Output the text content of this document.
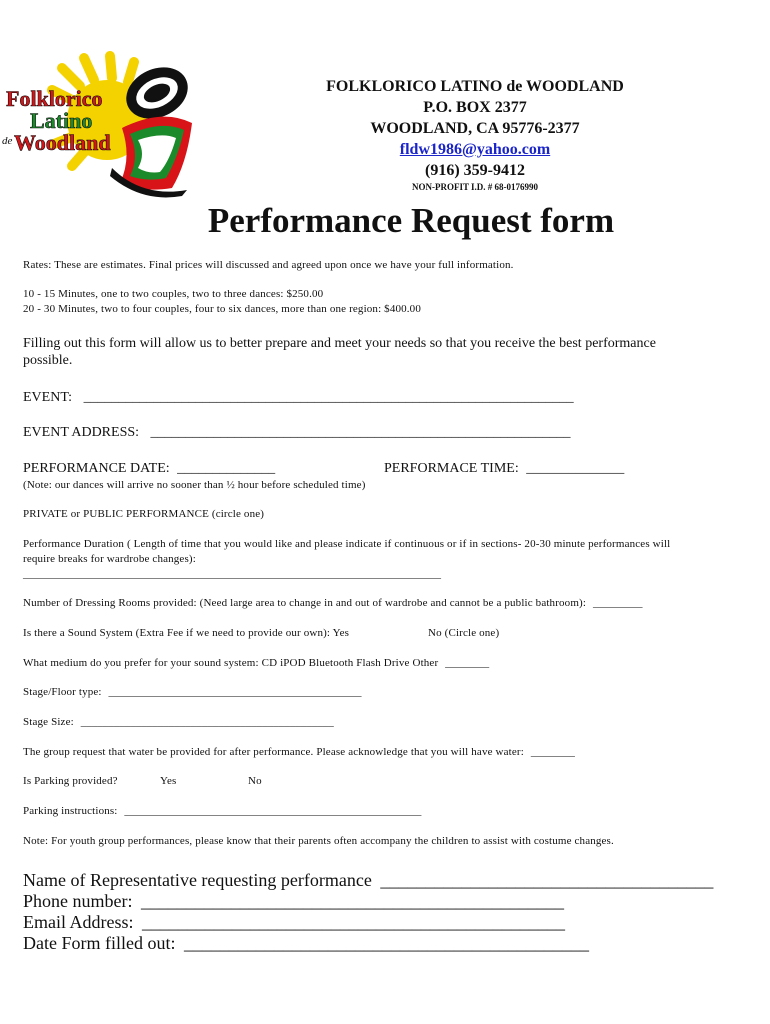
Folklorico
Latino
de Woodland
FOLKLORICO LATINO de WOODLAND
P.O. BOX 2377
WOODLAND, CA 95776-2377
fldw1986@yahoo.com
(916) 359-9412
NON-PROFIT I.D. # 68-0176990
Performance Request form
Rates: These are estimates. Final prices will discussed and agreed upon once we have your full information.
10 - 15 Minutes, one to two couples, two to three dances: $250.00
20 - 30 Minutes, two to four couples, four to six dances, more than one region: $400.00
Filling out this form will allow us to better prepare and meet your needs so that you receive the best performance
possible.
EVENT: ______________________________________________________________________
EVENT ADDRESS: ____________________________________________________________
PERFORMANCE DATE: ______________	PERFORMACE TIME: ______________
(Note: our dances will arrive no sooner than ½ hour before scheduled time)
PRIVATE or PUBLIC PERFORMANCE (circle one)
Performance Duration ( Length of time that you would like and please indicate if continuous or if in sections- 20-30 minute performances will
require breaks for wardrobe changes):
____________________________________________________________________________
Number of Dressing Rooms provided: (Need large area to change in and out of wardrobe and cannot be a public bathroom): _________
Is there a Sound System (Extra Fee if we need to provide our own): Yes	No (Circle one)
What medium do you prefer for your sound system: CD iPOD Bluetooth Flash Drive Other ________
Stage/Floor type: ______________________________________________
Stage Size: ______________________________________________
The group request that water be provided for after performance. Please acknowledge that you will have water: ________
Is Parking provided?	Yes	No
Parking instructions: ______________________________________________________
Note: For youth group performances, please know that their parents often accompany the children to assist with costume changes.
Name of Representative requesting performance _____________________________________
Phone number: _______________________________________________
Email Address: _______________________________________________
Date Form filled out: _____________________________________________
